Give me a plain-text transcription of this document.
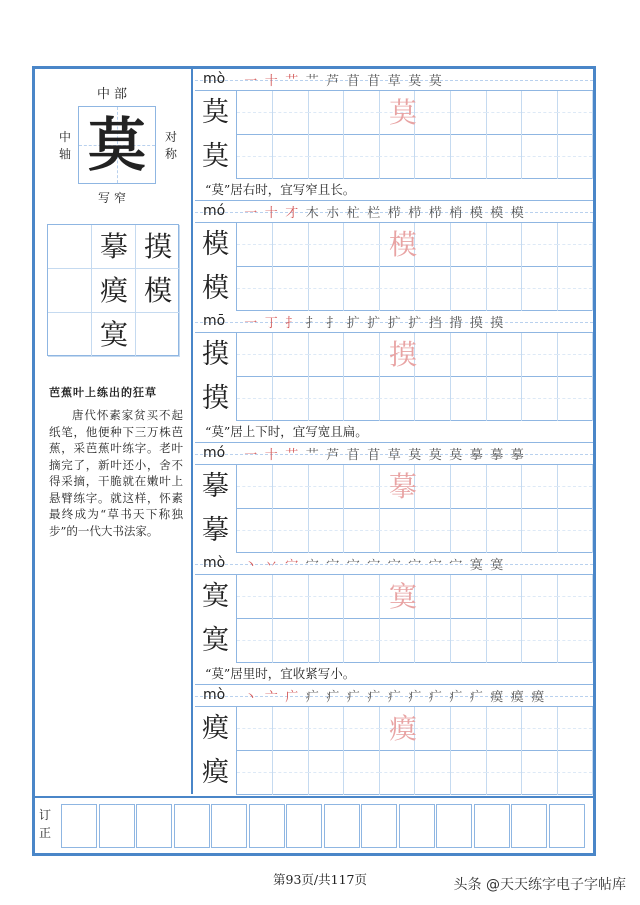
中部
中轴 莫	对称
写窄
摹 摸
瘼 模
寞
芭蕉叶上练出的狂草
唐代怀素家贫买不起纸笔，他便种下三万株芭蕉，采芭蕉叶练字。老叶摘完了，新叶还小，舍不得采摘，干脆就在嫩叶上悬臂练字。就这样，怀素最终成为“草书天下称独步”的一代大书法家。
mò 一 十 艹 艹 芦 苜 苜 草 莫 莫
莫	莫
莫
“莫”居右时，宜写窄且长。
mó 一 十 才 木 朩 杧 栏 栉 栉 栉 梢 模 模 模
模	模
模
mō 一 丁 扌 扌 扌 扩 扩 扩 扩 挡 揹 摸 摸
摸	摸
摸
“莫”居上下时，宜写宽且扁。
mó 一 十 艹 艹 芦 苜 苜 草 莫 莫 莫 摹 摹 摹
摹	摹
摹
mò 丶 丷 宀 宀 宀 宀 宀 宀 宀 宀 宀 寞 寞
寞	寞
寞
“莫”居里时，宜收紧写小。
mò 丶 亠 广 疒 疒 疒 疒 疒 疒 疒 疒 疒 瘼 瘼 瘼
瘼	瘼
瘼
订正
第93页/共117页	头条 @天天练字电子字帖库
